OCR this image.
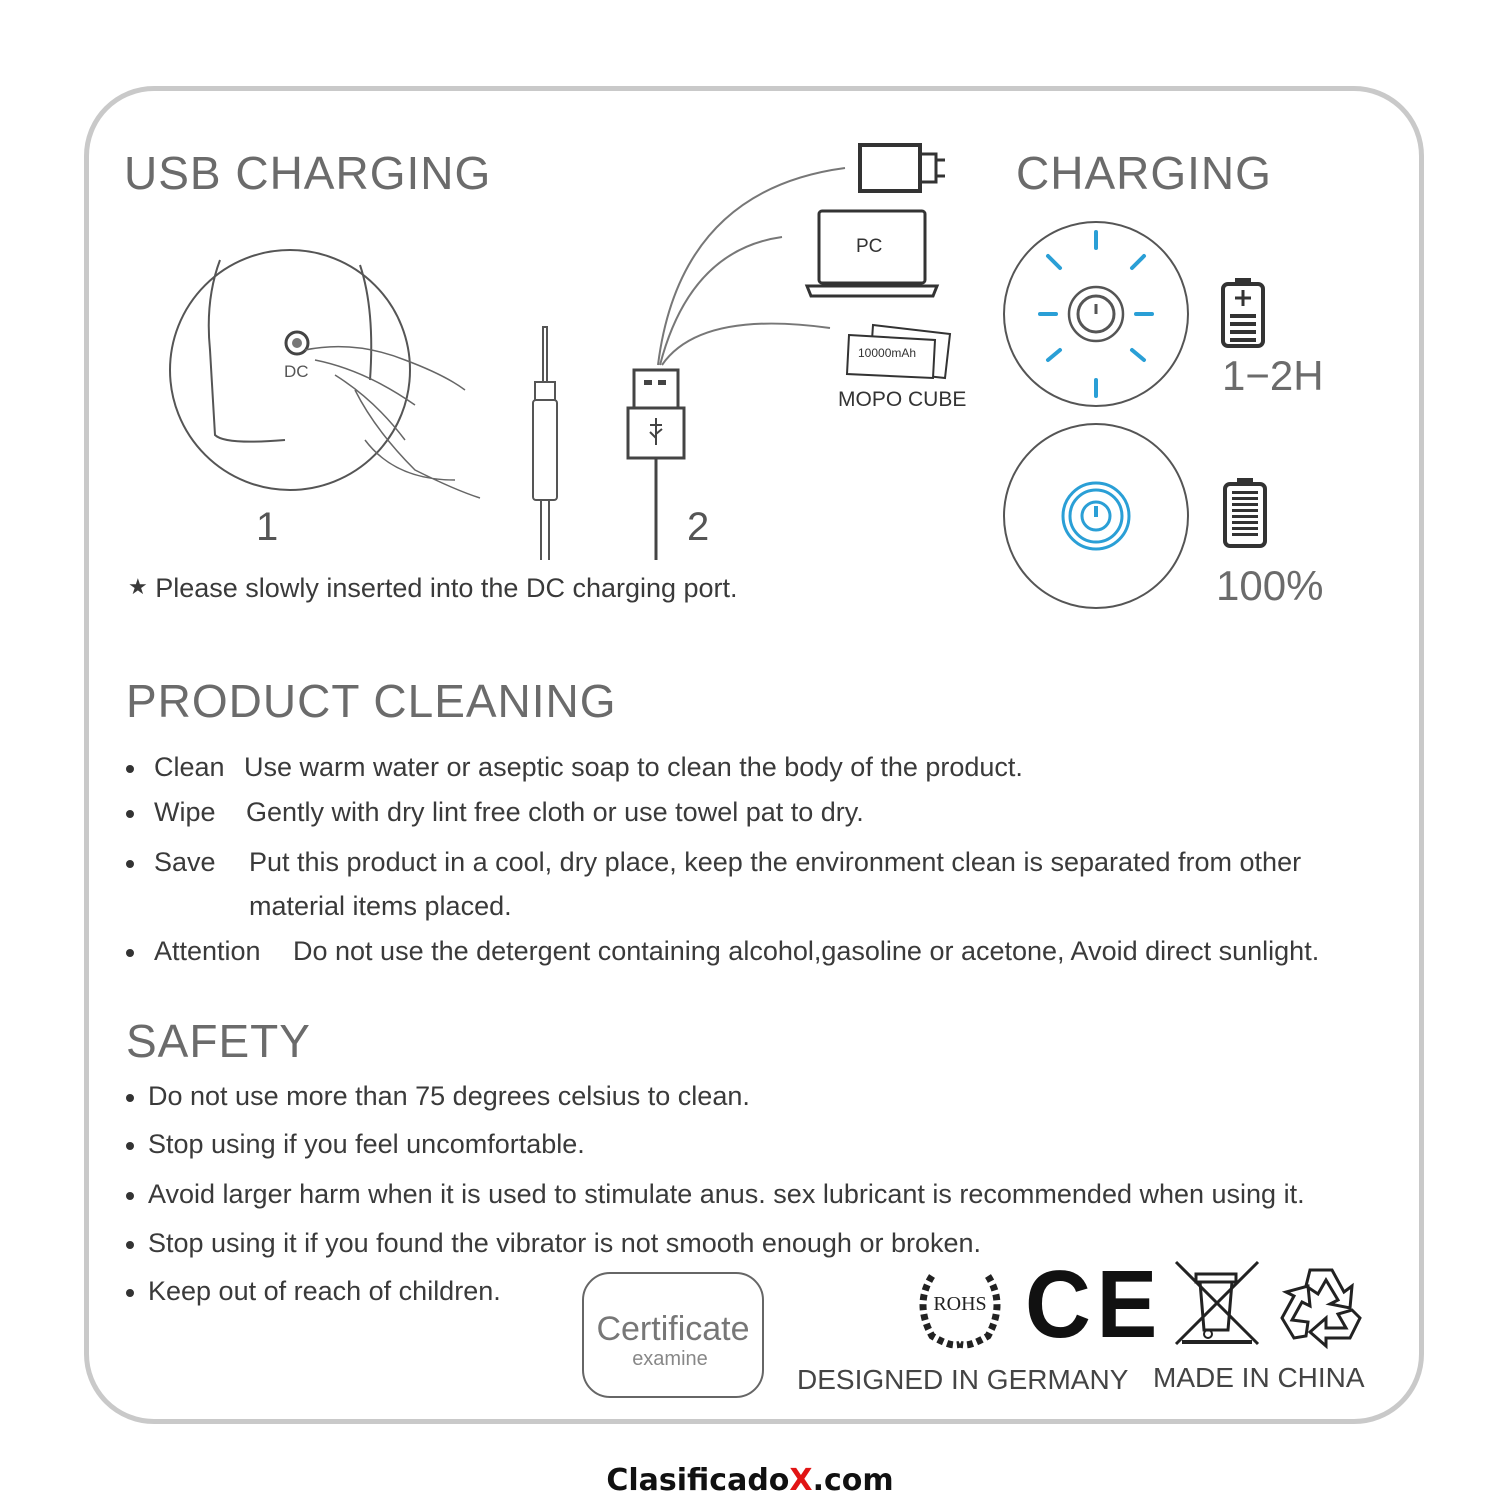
USB CHARGING
DC
1	2
PC
10000mAh
MOPO CUBE
★ Please slowly inserted into the DC charging port.
CHARGING
1−2H
100%
PRODUCT CLEANING
Clean Use warm water or aseptic soap to clean the body of the product.
Wipe Gently with dry lint free cloth or use towel pat to dry.
Save Put this product in a cool, dry place, keep the environment clean is separated from other
material items placed.
Attention Do not use the detergent containing alcohol,gasoline or acetone, Avoid direct sunlight.
SAFETY
Do not use more than 75 degrees celsius to clean.
Stop using if you feel uncomfortable.
Avoid larger harm when it is used to stimulate anus. sex lubricant is recommended when using it.
Stop using it if you found the vibrator is not smooth enough or broken.
Keep out of reach of children.
Certificate
examine
ROHS CE
DESIGNED IN GERMANY MADE IN CHINA
ClasificadoX.com
